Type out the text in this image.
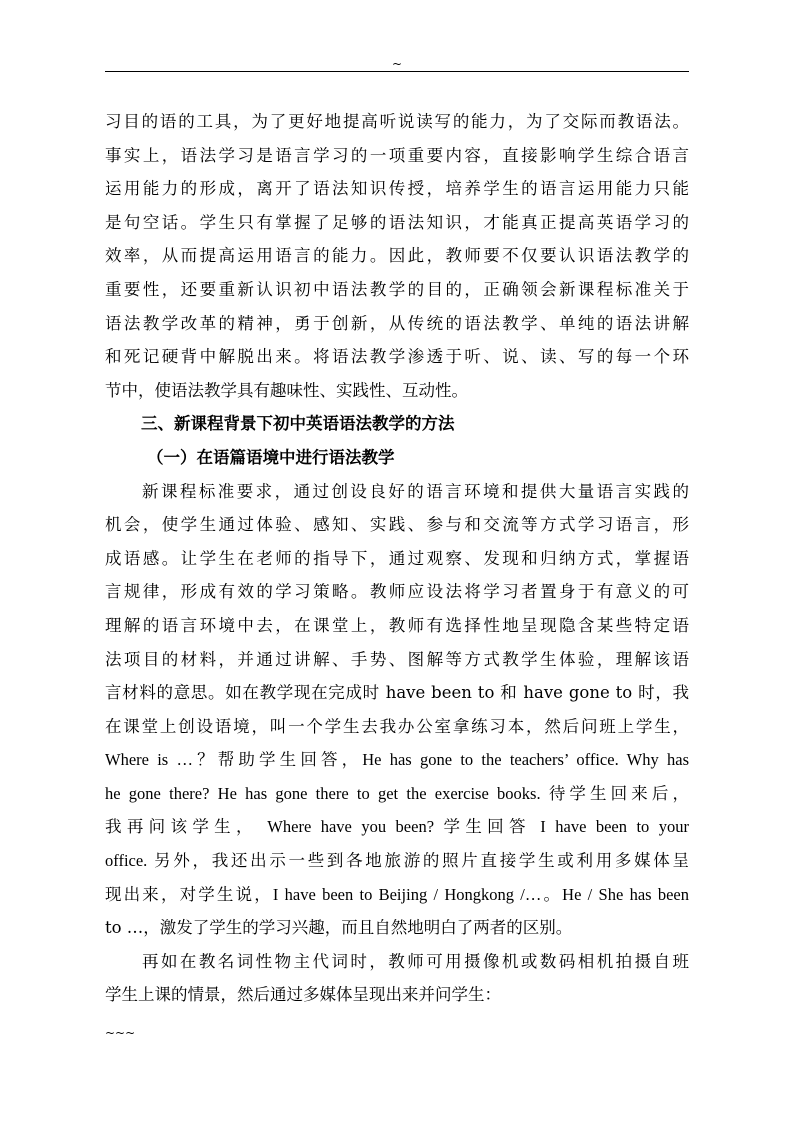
~
习目的语的工具，为了更好地提高听说读写的能力，为了交际而教语法。
事实上，语法学习是语言学习的一项重要内容，直接影响学生综合语言
运用能力的形成，离开了语法知识传授，培养学生的语言运用能力只能
是句空话。学生只有掌握了足够的语法知识，才能真正提高英语学习的
效率，从而提高运用语言的能力。因此，教师要不仅要认识语法教学的
重要性，还要重新认识初中语法教学的目的，正确领会新课程标准关于
语法教学改革的精神，勇于创新，从传统的语法教学、单纯的语法讲解
和死记硬背中解脱出来。将语法教学渗透于听、说、读、写的每一个环
节中，使语法教学具有趣味性、实践性、互动性。
三、新课程背景下初中英语语法教学的方法
（一）在语篇语境中进行语法教学
新课程标准要求，通过创设良好的语言环境和提供大量语言实践的
机会，使学生通过体验、感知、实践、参与和交流等方式学习语言，形
成语感。让学生在老师的指导下，通过观察、发现和归纳方式，掌握语
言规律，形成有效的学习策略。教师应设法将学习者置身于有意义的可
理解的语言环境中去，在课堂上，教师有选择性地呈现隐含某些特定语
法项目的材料，并通过讲解、手势、图解等方式教学生体验，理解该语
言材料的意思。如在教学现在完成时 have been to 和 have gone to 时，我
在课堂上创设语境，叫一个学生去我办公室拿练习本，然后问班上学生，
Where is …？帮助学生回答，He has gone to the teachers’ office. Why has
he gone there? He has gone there to get the exercise books. 待学生回来后，
我再问该学生， Where have you been? 学生回答 I have been to your
office. 另外，我还出示一些到各地旅游的照片直接学生或利用多媒体呈
现出来，对学生说，I have been to Beijing / Hongkong /…。He / She has been
to …，激发了学生的学习兴趣，而且自然地明白了两者的区别。
再如在教名词性物主代词时，教师可用摄像机或数码相机拍摄自班
学生上课的情景，然后通过多媒体呈现出来并问学生：
~~~
